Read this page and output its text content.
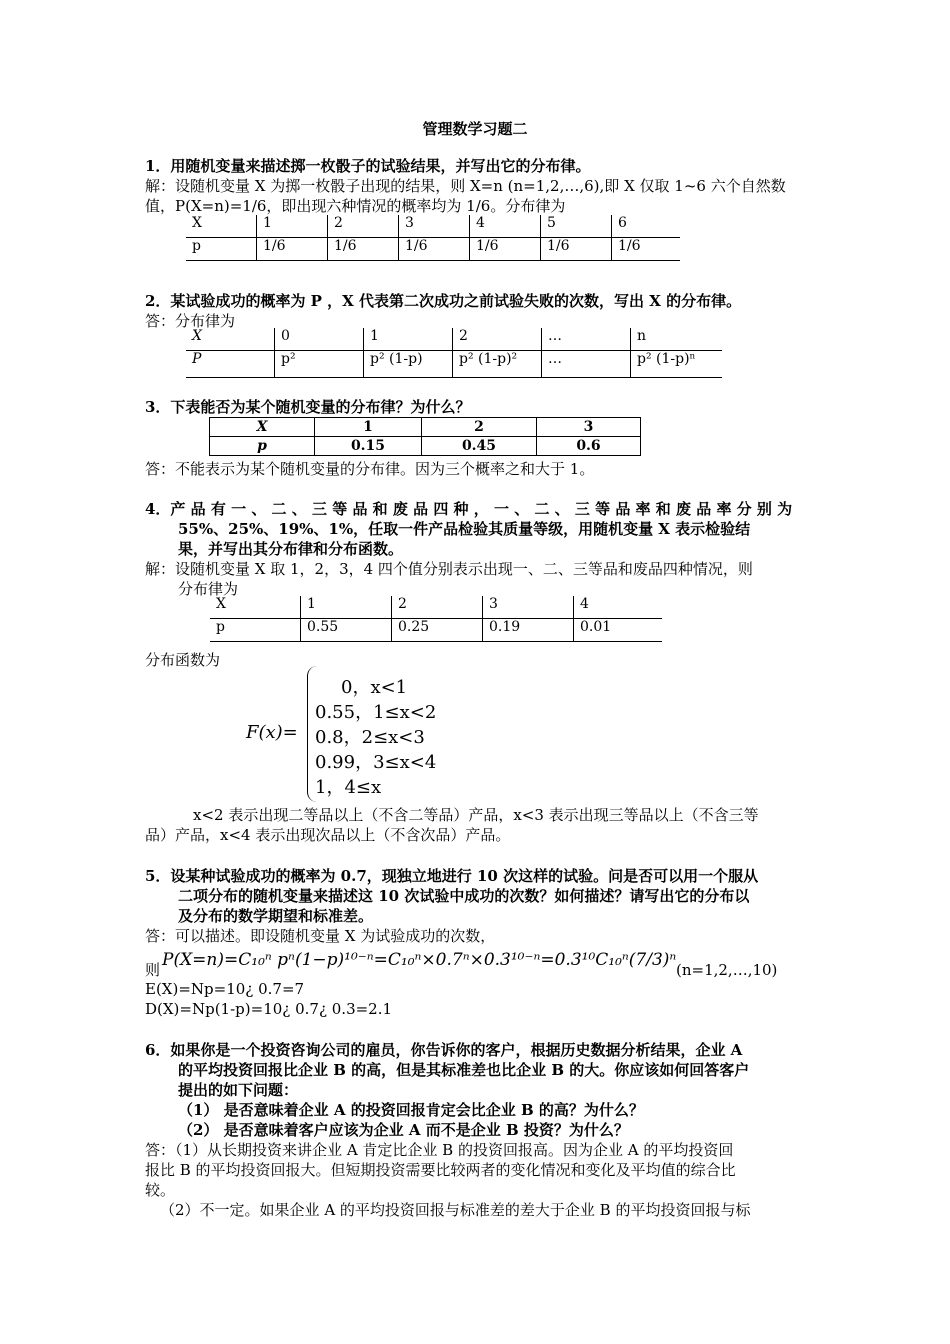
管理数学习题二
1．用随机变量来描述掷一枚骰子的试验结果，并写出它的分布律。
解：设随机变量 X 为掷一枚骰子出现的结果，则 X=n (n=1,2,…,6),即 X 仅取 1~6 六个自然数
值，P(X=n)=1/6，即出现六种情况的概率均为 1/6。分布律为
X	1	2	3	4	5	6
p	1/6	1/6	1/6	1/6	1/6	1/6
2．某试验成功的概率为 P ，X 代表第二次成功之前试验失败的次数，写出 X 的分布律。
答：分布律为
X	0	1	2	…	n
P	p²	p² (1-p)	p² (1-p)²	…	p² (1-p)ⁿ
3．下表能否为某个随机变量的分布律？为什么？
X	1	2	3
p	0.15	0.45	0.6
答：不能表示为某个随机变量的分布律。因为三个概率之和大于 1。
4．产 品 有 一 、 二 、 三 等 品 和 废 品 四 种 ， 一 、 二 、 三 等 品 率 和 废 品 率 分 别 为
55%、25%、19%、1%，任取一件产品检验其质量等级，用随机变量 X 表示检验结
果，并写出其分布律和分布函数。
解：设随机变量 X 取 1，2，3，4 四个值分别表示出现一、二、三等品和废品四种情况，则
分布律为
X	1	2	3	4
p	0.55	0.25	0.19	0.01
分布函数为
F(x)=
0，x<1
0.55，1≤x<2
0.8，2≤x<3
0.99，3≤x<4
1，4≤x
x<2 表示出现二等品以上（不含二等品）产品，x<3 表示出现三等品以上（不含三等
品）产品，x<4 表示出现次品以上（不含次品）产品。
5．设某种试验成功的概率为 0.7，现独立地进行 10 次这样的试验。问是否可以用一个服从
二项分布的随机变量来描述这 10 次试验中成功的次数？如何描述？请写出它的分布以
及分布的数学期望和标准差。
答：可以描述。即设随机变量 X 为试验成功的次数，
则 P(X=n)=C₁₀ⁿ pⁿ(1−p)¹⁰⁻ⁿ=C₁₀ⁿ×0.7ⁿ×0.3¹⁰⁻ⁿ=0.3¹⁰C₁₀ⁿ(7/3)ⁿ (n=1,2,…,10)
E(X)=Np=10¿ 0.7=7
D(X)=Np(1-p)=10¿ 0.7¿ 0.3=2.1
6．如果你是一个投资咨询公司的雇员，你告诉你的客户，根据历史数据分析结果，企业 A
的平均投资回报比企业 B 的高，但是其标准差也比企业 B 的大。你应该如何回答客户
提出的如下问题：
（1） 是否意味着企业 A 的投资回报肯定会比企业 B 的高？为什么？
（2） 是否意味着客户应该为企业 A 而不是企业 B 投资？为什么？
答：（1）从长期投资来讲企业 A 肯定比企业 B 的投资回报高。因为企业 A 的平均投资回
报比 B 的平均投资回报大。但短期投资需要比较两者的变化情况和变化及平均值的综合比
较。
（2）不一定。如果企业 A 的平均投资回报与标准差的差大于企业 B 的平均投资回报与标
